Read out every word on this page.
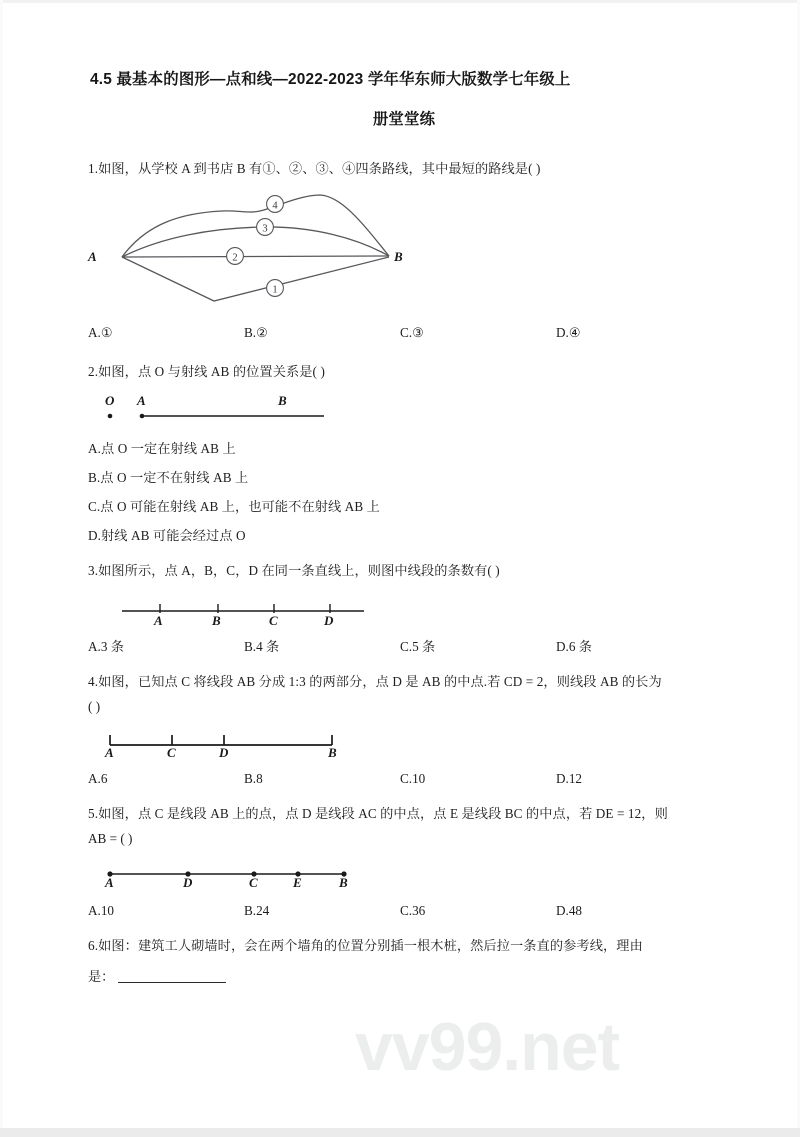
vv99.net
4.5 最基本的图形—点和线—2022-2023 学年华东师大版数学七年级上
册堂堂练
1.如图，从学校 A 到书店 B 有①、②、③、④四条路线，其中最短的路线是( )
4
3
2
1
A	B
A.①	B.②	C.③	D.④
2.如图，点 O 与射线 AB 的位置关系是( )
O A	B
A.点 O 一定在射线 AB 上
B.点 O 一定不在射线 AB 上
C.点 O 可能在射线 AB 上，也可能不在射线 AB 上
D.射线 AB 可能会经过点 O
3.如图所示，点 A，B，C，D 在同一条直线上，则图中线段的条数有( )
A	B	C	D
A.3 条	B.4 条	C.5 条	D.6 条
4.如图，已知点 C 将线段 AB 分成 1:3 的两部分，点 D 是 AB 的中点.若 CD = 2，则线段 AB 的长为
( )
A	C	D	B
A.6	B.8	C.10	D.12
5.如图，点 C 是线段 AB 上的点，点 D 是线段 AC 的中点，点 E 是线段 BC 的中点，若 DE = 12，则
AB = ( )
A	D	C	E	B
A.10	B.24	C.36	D.48
6.如图：建筑工人砌墙时，会在两个墙角的位置分别插一根木桩，然后拉一条直的参考线，理由
是：
